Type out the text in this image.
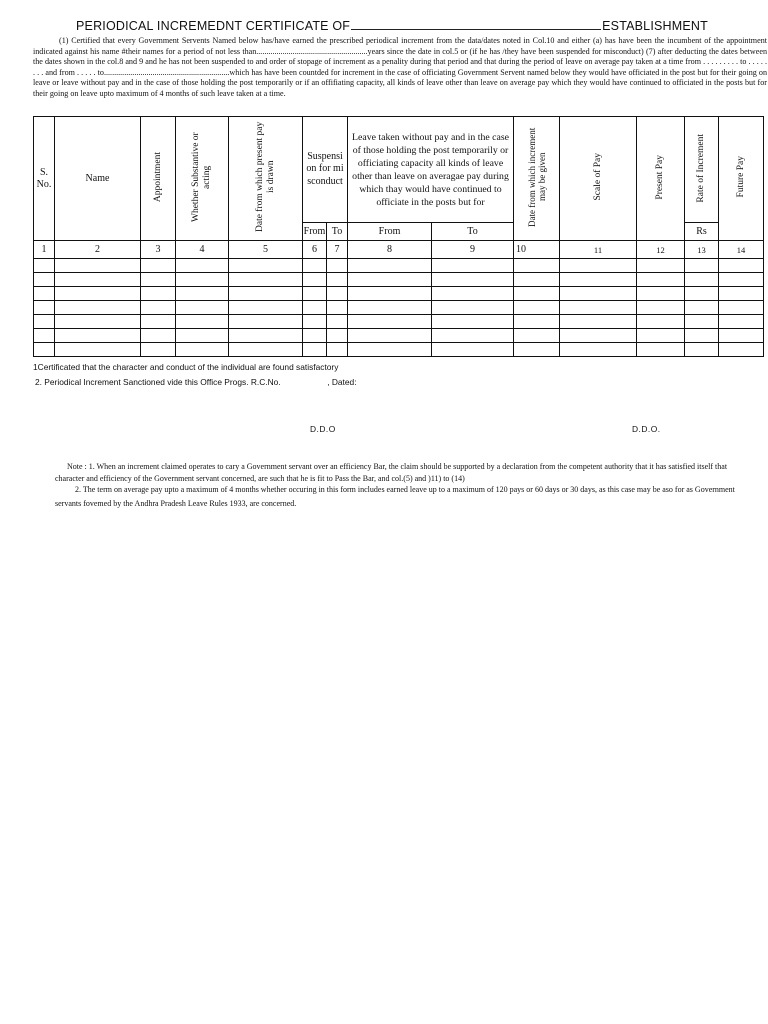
PERIODICAL INCREMEDNT CERTIFICATE OF	ESTABLISHMENT
(1) Certified that every Government Servents Named below has/have earned the prescribed periodical increment from the data/dates noted in Col.10 and either (a) has have been the incumbent of the appointment indicated against his name #their names for a period of not less than.......................................................years since the date in col.5 or (if he has /they have been suspended for misconduct) (7) after deducting the dates between the dates shown in the col.8 and 9 and he has not been suspended to and order of stopage of increment as a penality during that period and that during the period of leave on average pay taken at a time from . . . . . . . . . to . . . . . . . . and from . . . . . to..............................................................which has have been countded for increment in the case of officiating Government Servent named below they would have officiated in the post but for their going on leave or leave without pay and in the case of those holding the post temporarily or if an offifiating capacity, all kinds of leave other than leave on average pay which they would have continued to officiated in the posts but for their going on leave upto maximum of 4 months of such leave taken at a time.
S. No.	Name	Appointment	Whether Substantive or acting	Date from which present pay is drawn	Suspension for misconduct		Leave taken without pay and in the case of those holding the post temporarily or officiating capacity all kinds of leave other than leave on averagae pay during which thay would have continued to officiate in the posts but for		Date from which increment may be given	Scale of Pay	Present Pay	Rate of Increment	Future Pay
					From	To	From	To				Rs	
1	2	3	4	5	6	7	8	9	10	11	12	13	14

1Certificated that the character and conduct of the individual are found satisfactory
2. Periodical Increment Sanctioned vide this Office Progs. R.C.No.	, Dated:
D.D.O	D.D.O.
Note : 1. When an increment claimed operates to cary a Government servant over an efficiency Bar, the claim should be supported by a declaration from the competent authority that it has satisfied itself that character and efficiency of the Government servant concerned, are such that he is fit to Pass the Bar, and col.(5) and )11) to (14)
2. The term on average pay upto a maximum of 4 months whether occuring in this form includes earned leave up to a maximum of 120 pays or 60 days or 30 days, as this case may be aso for as Government servants fovemed by the Andhra Pradesh Leave Rules 1933, are concerned.
